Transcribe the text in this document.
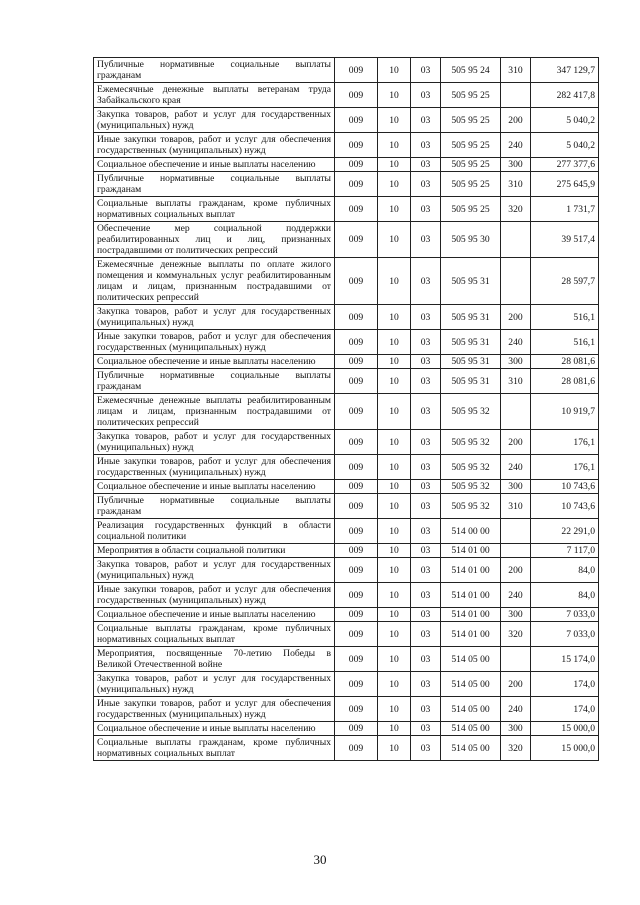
Публичные нормативные социальные выплаты гражданам	009	10	03	505 95 24	310	347 129,7
Ежемесячные денежные выплаты ветеранам труда Забайкальского края	009	10	03	505 95 25		282 417,8
Закупка товаров, работ и услуг для государственных (муниципальных) нужд	009	10	03	505 95 25	200	5 040,2
Иные закупки товаров, работ и услуг для обеспечения государственных (муниципальных) нужд	009	10	03	505 95 25	240	5 040,2
Социальное обеспечение и иные выплаты населению	009	10	03	505 95 25	300	277 377,6
Публичные нормативные социальные выплаты гражданам	009	10	03	505 95 25	310	275 645,9
Социальные выплаты гражданам, кроме публичных нормативных социальных выплат	009	10	03	505 95 25	320	1 731,7
Обеспечение мер социальной поддержки реабилитированных лиц и лиц, признанных пострадавшими от политических репрессий	009	10	03	505 95 30		39 517,4
Ежемесячные денежные выплаты по оплате жилого помещения и коммунальных услуг реабилитированным лицам и лицам, признанным пострадавшими от политических репрессий	009	10	03	505 95 31		28 597,7
Закупка товаров, работ и услуг для государственных (муниципальных) нужд	009	10	03	505 95 31	200	516,1
Иные закупки товаров, работ и услуг для обеспечения государственных (муниципальных) нужд	009	10	03	505 95 31	240	516,1
Социальное обеспечение и иные выплаты населению	009	10	03	505 95 31	300	28 081,6
Публичные нормативные социальные выплаты гражданам	009	10	03	505 95 31	310	28 081,6
Ежемесячные денежные выплаты реабилитированным лицам и лицам, признанным пострадавшими от политических репрессий	009	10	03	505 95 32		10 919,7
Закупка товаров, работ и услуг для государственных (муниципальных) нужд	009	10	03	505 95 32	200	176,1
Иные закупки товаров, работ и услуг для обеспечения государственных (муниципальных) нужд	009	10	03	505 95 32	240	176,1
Социальное обеспечение и иные выплаты населению	009	10	03	505 95 32	300	10 743,6
Публичные нормативные социальные выплаты гражданам	009	10	03	505 95 32	310	10 743,6
Реализация государственных функций в области социальной политики	009	10	03	514 00 00		22 291,0
Мероприятия в области социальной политики	009	10	03	514 01 00		7 117,0
Закупка товаров, работ и услуг для государственных (муниципальных) нужд	009	10	03	514 01 00	200	84,0
Иные закупки товаров, работ и услуг для обеспечения государственных (муниципальных) нужд	009	10	03	514 01 00	240	84,0
Социальное обеспечение и иные выплаты населению	009	10	03	514 01 00	300	7 033,0
Социальные выплаты гражданам, кроме публичных нормативных социальных выплат	009	10	03	514 01 00	320	7 033,0
Мероприятия, посвященные 70-летию Победы в Великой Отечественной войне	009	10	03	514 05 00		15 174,0
Закупка товаров, работ и услуг для государственных (муниципальных) нужд	009	10	03	514 05 00	200	174,0
Иные закупки товаров, работ и услуг для обеспечения государственных (муниципальных) нужд	009	10	03	514 05 00	240	174,0
Социальное обеспечение и иные выплаты населению	009	10	03	514 05 00	300	15 000,0
Социальные выплаты гражданам, кроме публичных нормативных социальных выплат	009	10	03	514 05 00	320	15 000,0
30
